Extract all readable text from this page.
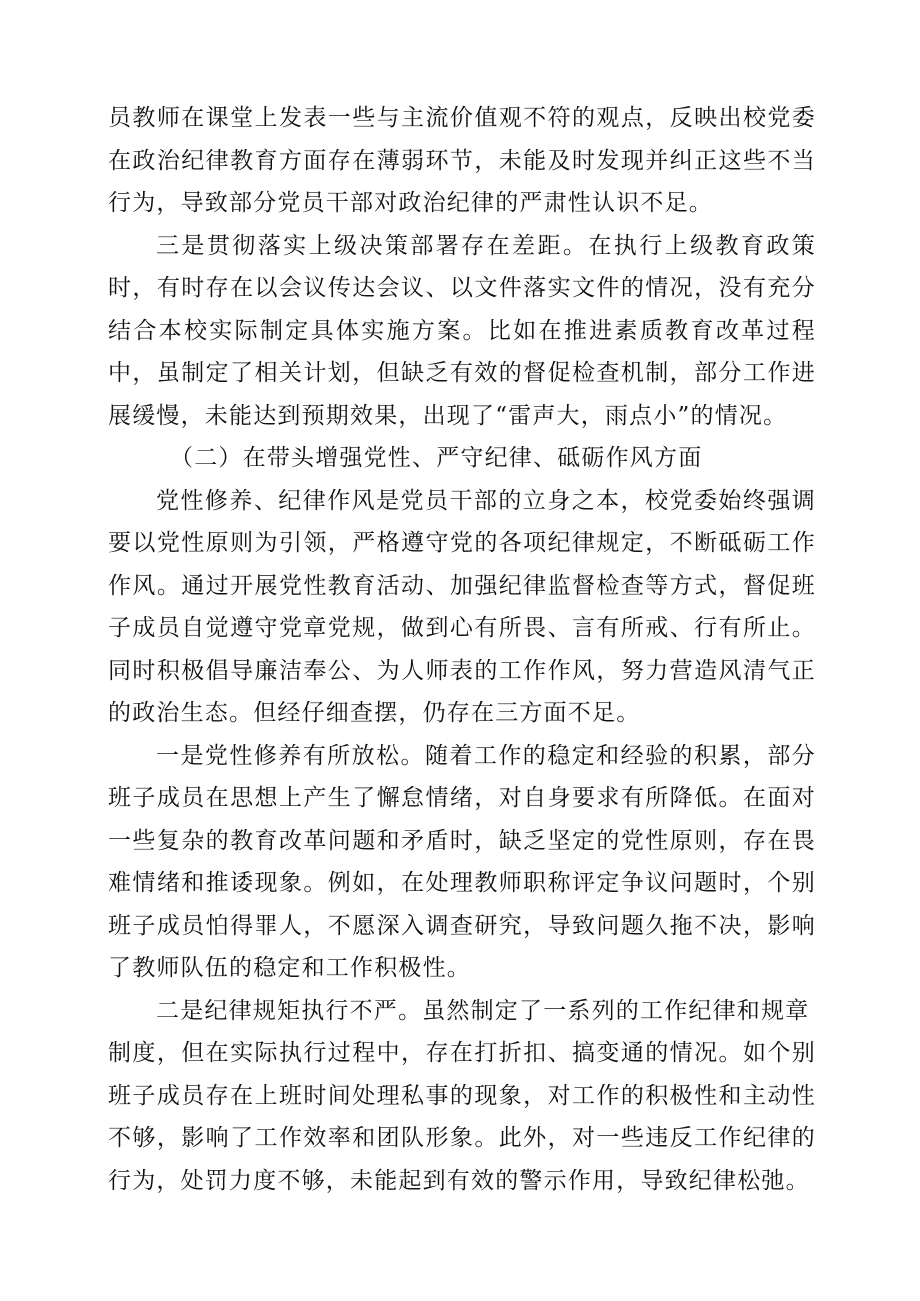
员教师在课堂上发表一些与主流价值观不符的观点，反映出校党委在政治纪律教育方面存在薄弱环节，未能及时发现并纠正这些不当行为，导致部分党员干部对政治纪律的严肃性认识不足。

三是贯彻落实上级决策部署存在差距。在执行上级教育政策时，有时存在以会议传达会议、以文件落实文件的情况，没有充分结合本校实际制定具体实施方案。比如在推进素质教育改革过程中，虽制定了相关计划，但缺乏有效的督促检查机制，部分工作进展缓慢，未能达到预期效果，出现了“雷声大，雨点小”的情况。

（二）在带头增强党性、严守纪律、砥砺作风方面

党性修养、纪律作风是党员干部的立身之本，校党委始终强调要以党性原则为引领，严格遵守党的各项纪律规定，不断砥砺工作作风。通过开展党性教育活动、加强纪律监督检查等方式，督促班子成员自觉遵守党章党规，做到心有所畏、言有所戒、行有所止。同时积极倡导廉洁奉公、为人师表的工作作风，努力营造风清气正的政治生态。但经仔细查摆，仍存在三方面不足。

一是党性修养有所放松。随着工作的稳定和经验的积累，部分班子成员在思想上产生了懈怠情绪，对自身要求有所降低。在面对一些复杂的教育改革问题和矛盾时，缺乏坚定的党性原则，存在畏难情绪和推诿现象。例如，在处理教师职称评定争议问题时，个别班子成员怕得罪人，不愿深入调查研究，导致问题久拖不决，影响了教师队伍的稳定和工作积极性。

二是纪律规矩执行不严。虽然制定了一系列的工作纪律和规章

制度，但在实际执行过程中，存在打折扣、搞变通的情况。如个别班子成员存在上班时间处理私事的现象，对工作的积极性和主动性不够，影响了工作效率和团队形象。此外，对一些违反工作纪律的行为，处罚力度不够，未能起到有效的警示作用，导致纪律松弛。
